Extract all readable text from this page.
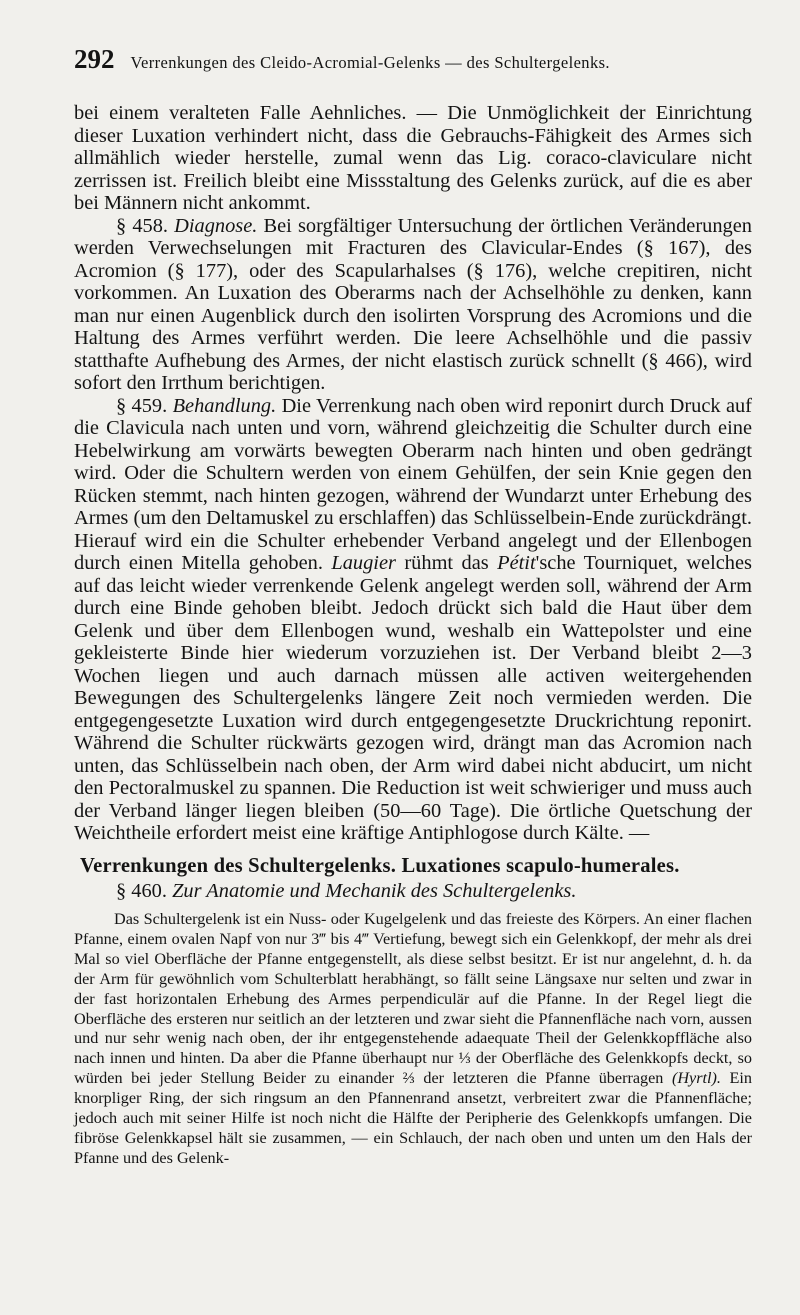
292 Verrenkungen des Cleido-Acromial-Gelenks — des Schultergelenks.

bei einem veralteten Falle Aehnliches. — Die Unmöglichkeit der Einrichtung dieser Luxation verhindert nicht, dass die Gebrauchs-Fähigkeit des Armes sich allmählich wieder herstelle, zumal wenn das Lig. coraco-claviculare nicht zerrissen ist. Freilich bleibt eine Missstaltung des Gelenks zurück, auf die es aber bei Männern nicht ankommt.

§ 458. Diagnose. Bei sorgfältiger Untersuchung der örtlichen Veränderungen werden Verwechselungen mit Fracturen des Clavicular-Endes (§ 167), des Acromion (§ 177), oder des Scapularhalses (§ 176), welche crepitiren, nicht vorkommen. An Luxation des Oberarms nach der Achselhöhle zu denken, kann man nur einen Augenblick durch den isolirten Vorsprung des Acromions und die Haltung des Armes verführt werden. Die leere Achselhöhle und die passiv statthafte Aufhebung des Armes, der nicht elastisch zurück schnellt (§ 466), wird sofort den Irrthum berichtigen.

§ 459. Behandlung. Die Verrenkung nach oben wird reponirt durch Druck auf die Clavicula nach unten und vorn, während gleichzeitig die Schulter durch eine Hebelwirkung am vorwärts bewegten Oberarm nach hinten und oben gedrängt wird. Oder die Schultern werden von einem Gehülfen, der sein Knie gegen den Rücken stemmt, nach hinten gezogen, während der Wundarzt unter Erhebung des Armes (um den Deltamuskel zu erschlaffen) das Schlüsselbein-Ende zurückdrängt. Hierauf wird ein die Schulter erhebender Verband angelegt und der Ellenbogen durch einen Mitella gehoben. Laugier rühmt das Pétit'sche Tourniquet, welches auf das leicht wieder verrenkende Gelenk angelegt werden soll, während der Arm durch eine Binde gehoben bleibt. Jedoch drückt sich bald die Haut über dem Gelenk und über dem Ellenbogen wund, weshalb ein Wattepolster und eine gekleisterte Binde hier wiederum vorzuziehen ist. Der Verband bleibt 2—3 Wochen liegen und auch darnach müssen alle activen weitergehenden Bewegungen des Schultergelenks längere Zeit noch vermieden werden. Die entgegengesetzte Luxation wird durch entgegengesetzte Druckrichtung reponirt. Während die Schulter rückwärts gezogen wird, drängt man das Acromion nach unten, das Schlüsselbein nach oben, der Arm wird dabei nicht abducirt, um nicht den Pectoralmuskel zu spannen. Die Reduction ist weit schwieriger und muss auch der Verband länger liegen bleiben (50—60 Tage). Die örtliche Quetschung der Weichtheile erfordert meist eine kräftige Antiphlogose durch Kälte. —

Verrenkungen des Schultergelenks. Luxationes scapulo-humerales.

§ 460. Zur Anatomie und Mechanik des Schultergelenks.

Das Schultergelenk ist ein Nuss- oder Kugelgelenk und das freieste des Körpers. An einer flachen Pfanne, einem ovalen Napf von nur 3‴ bis 4‴ Vertiefung, bewegt sich ein Gelenkkopf, der mehr als drei Mal so viel Oberfläche der Pfanne entgegenstellt, als diese selbst besitzt. Er ist nur angelehnt, d. h. da der Arm für gewöhnlich vom Schulterblatt herabhängt, so fällt seine Längsaxe nur selten und zwar in der fast horizontalen Erhebung des Armes perpendiculär auf die Pfanne. In der Regel liegt die Oberfläche des ersteren nur seitlich an der letzteren und zwar sieht die Pfannenfläche nach vorn, aussen und nur sehr wenig nach oben, der ihr entgegenstehende adaequate Theil der Gelenkkopffläche also nach innen und hinten. Da aber die Pfanne überhaupt nur ⅓ der Oberfläche des Gelenkkopfs deckt, so würden bei jeder Stellung Beider zu einander ⅔ der letzteren die Pfanne überragen (Hyrtl). Ein knorpliger Ring, der sich ringsum an den Pfannenrand ansetzt, verbreitert zwar die Pfannenfläche; jedoch auch mit seiner Hilfe ist noch nicht die Hälfte der Peripherie des Gelenkkopfs umfangen. Die fibröse Gelenkkapsel hält sie zusammen, — ein Schlauch, der nach oben und unten um den Hals der Pfanne und des Gelenk-
